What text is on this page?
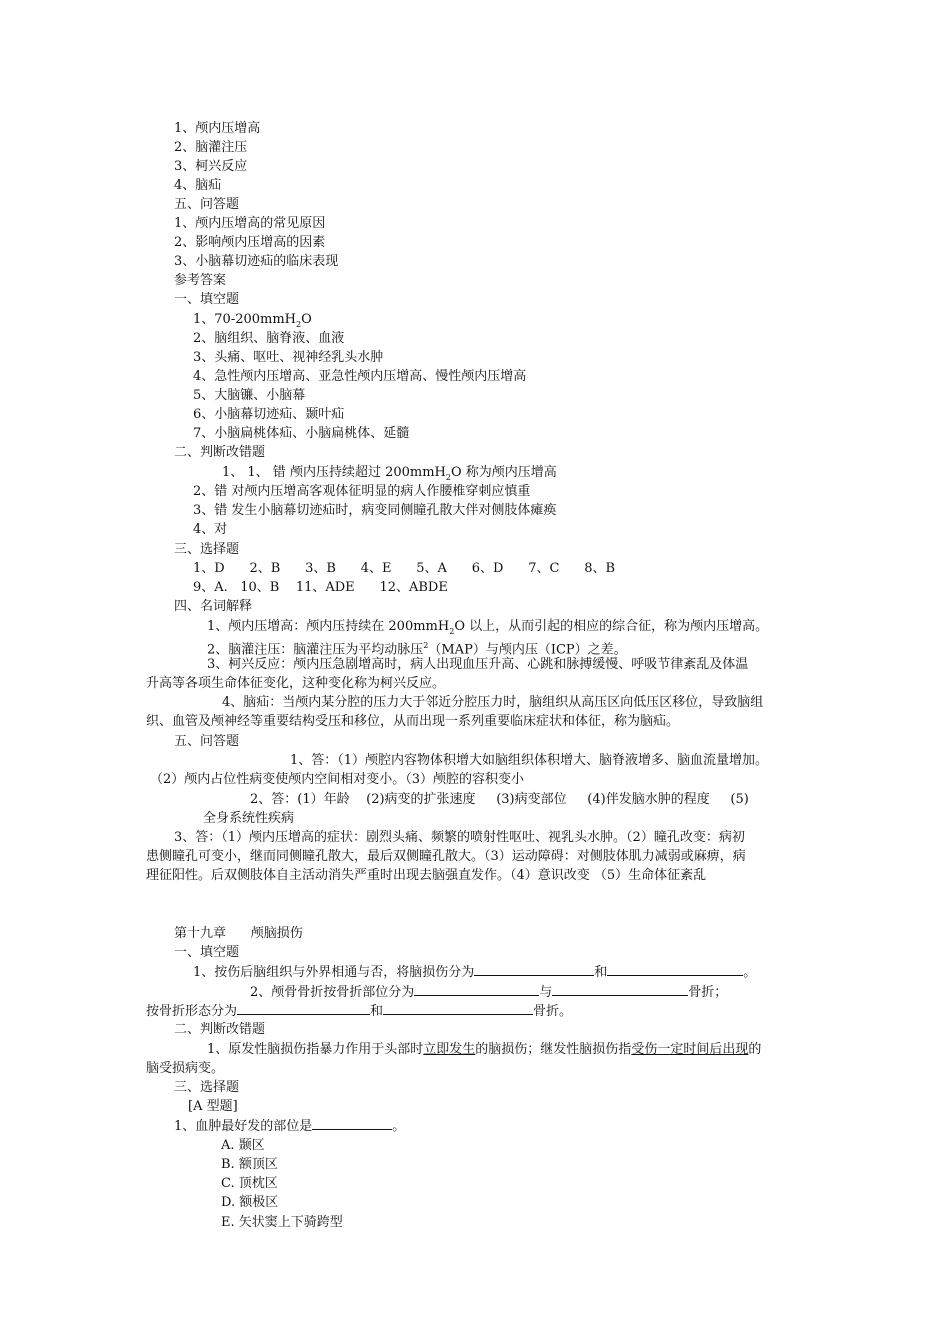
1、颅内压增高
2、脑灌注压
3、柯兴反应
4、脑疝
五、问答题
1、颅内压增高的常见原因
2、影响颅内压增高的因素
3、小脑幕切迹疝的临床表现
参考答案
一、填空题
1、70-200mmH$_2$O
2、脑组织、脑脊液、血液
3、头痛、呕吐、视神经乳头水肿
4、急性颅内压增高、亚急性颅内压增高、慢性颅内压增高
5、大脑镰、小脑幕
6、小脑幕切迹疝、颞叶疝
7、小脑扁桃体疝、小脑扁桃体、延髓
二、判断改错题
1、 1、 错 颅内压持续超过 200mmH$_2$O 称为颅内压增高
2、错 对颅内压增高客观体征明显的病人作腰椎穿刺应慎重
3、错 发生小脑幕切迹疝时，病变同侧瞳孔散大伴对侧肢体瘫痪
4、对
三、选择题
1、D      2、B      3、B      4、E      5、A      6、D      7、C      8、B
9、A.   10、B    11、ADE      12、ABDE
四、名词解释
1、颅内压增高：颅内压持续在 200mmH$_2$O 以上，从而引起的相应的综合征，称为颅内压增高。
2、脑灌注压：脑灌注压为平均动脉压$^2$（MAP）与颅内压（ICP）之差。
3、柯兴反应：颅内压急剧增高时，病人出现血压升高、心跳和脉搏缓慢、呼吸节律紊乱及体温
升高等各项生命体征变化，这种变化称为柯兴反应。
4、脑疝：当颅内某分腔的压力大于邻近分腔压力时，脑组织从高压区向低压区移位，导致脑组
织、血管及颅神经等重要结构受压和移位，从而出现一系列重要临床症状和体征，称为脑疝。
五、问答题
1、答：（1）颅腔内容物体积增大如脑组织体积增大、脑脊液增多、脑血流量增加。
（2）颅内占位性病变使颅内空间相对变小。（3）颅腔的容积变小
2、答：(1）年龄    (2)病变的扩张速度     (3)病变部位     (4)伴发脑水肿的程度     (5)
全身系统性疾病
3、答：（1）颅内压增高的症状：剧烈头痛、频繁的喷射性呕吐、视乳头水肿。（2）瞳孔改变：病初
患侧瞳孔可变小，继而同侧瞳孔散大，最后双侧瞳孔散大。（3）运动障碍：对侧肢体肌力减弱或麻痹，病
理征阳性。后双侧肢体自主活动消失严重时出现去脑强直发作。（4）意识改变 （5）生命体征紊乱
第十九章      颅脑损伤
一、填空题
1、按伤后脑组织与外界相通与否，将脑损伤分为	和	。
2、颅骨骨折按骨折部位分为	与	骨折；
按骨折形态分为	和	骨折。
二、判断改错题
1、原发性脑损伤指暴力作用于头部时立即发生的脑损伤；继发性脑损伤指受伤一定时间后出现的
脑受损病变。
三、选择题
[A 型题]
1、血肿最好发的部位是	。
A. 颞区
B. 额顶区
C. 顶枕区
D. 额极区
E. 矢状窦上下骑跨型
